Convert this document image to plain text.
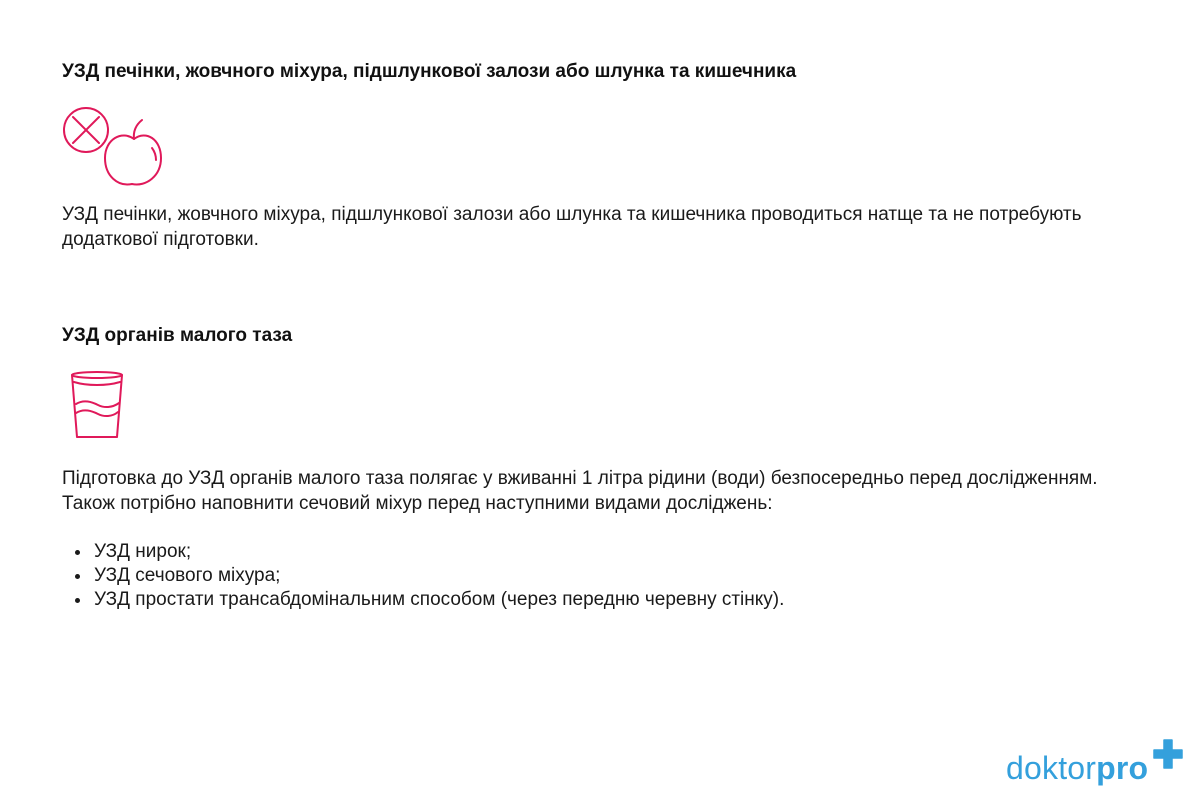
УЗД печінки, жовчного міхура, підшлункової залози або шлунка та кишечника

УЗД печінки, жовчного міхура, підшлункової залози або шлунка та кишечника проводиться натще та не потребують додаткової підготовки.

УЗД органів малого таза

Підготовка до УЗД органів малого таза полягає у вживанні 1 літра рідини (води) безпосередньо перед дослідженням. Також потрібно наповнити сечовий міхур перед наступними видами досліджень:

• УЗД нирок;
• УЗД сечового міхура;
• УЗД простати трансабдомінальним способом (через передню черевну стінку).
doktorpro
